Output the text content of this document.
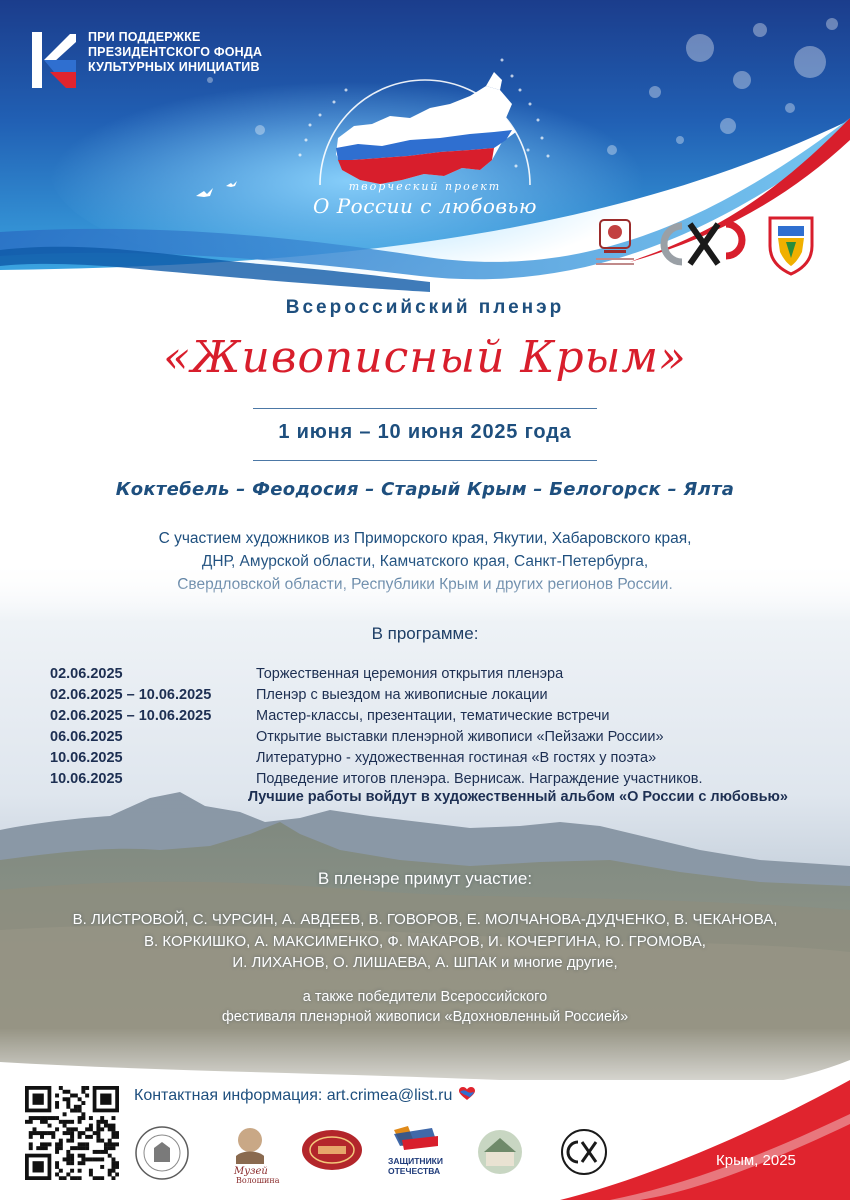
ПРИ ПОДДЕРЖКЕ
ПРЕЗИДЕНТСКОГО ФОНДА
КУЛЬТУРНЫХ ИНИЦИАТИВ
творческий проект
О России с любовью
Всероссийский пленэр
«Живописный Крым»
1 июня – 10 июня 2025 года
Коктебель – Феодосия – Старый Крым – Белогорск – Ялта
С участием художников из Приморского края, Якутии, Хабаровского края,
В программе:
02.06.2025	Торжественная церемония открытия пленэра
02.06.2025 – 10.06.2025	Пленэр с выездом на живописные локации
02.06.2025 – 10.06.2025	Мастер-классы, презентации, тематические встречи
06.06.2025	Открытие выставки пленэрной живописи «Пейзажи России»
10.06.2025	Литературно - художественная гостиная «В гостях у поэта»
10.06.2025	Подведение итогов пленэра. Вернисаж. Награждение участников.
Лучшие работы войдут в художественный альбом «О России с любовью»
В пленэре примут участие:
В. ЛИСТРОВОЙ, С. ЧУРСИН, А. АВДЕЕВ, В. ГОВОРОВ, Е. МОЛЧАНОВА-ДУДЧЕНКО, В. ЧЕКАНОВА,
В. КОРКИШКО, А. МАКСИМЕНКО, Ф. МАКАРОВ, И. КОЧЕРГИНА, Ю. ГРОМОВА,
И. ЛИХАНОВ, О. ЛИШАЕВА, А. ШПАК и многие другие,
а также победители Всероссийского
фестиваля пленэрной живописи «Вдохновленный Россией»
Контактная информация: art.crimea@list.ru
Музей
Волошина
ЗАЩИТНИКИ
ОТЕЧЕСТВА
Крым, 2025
